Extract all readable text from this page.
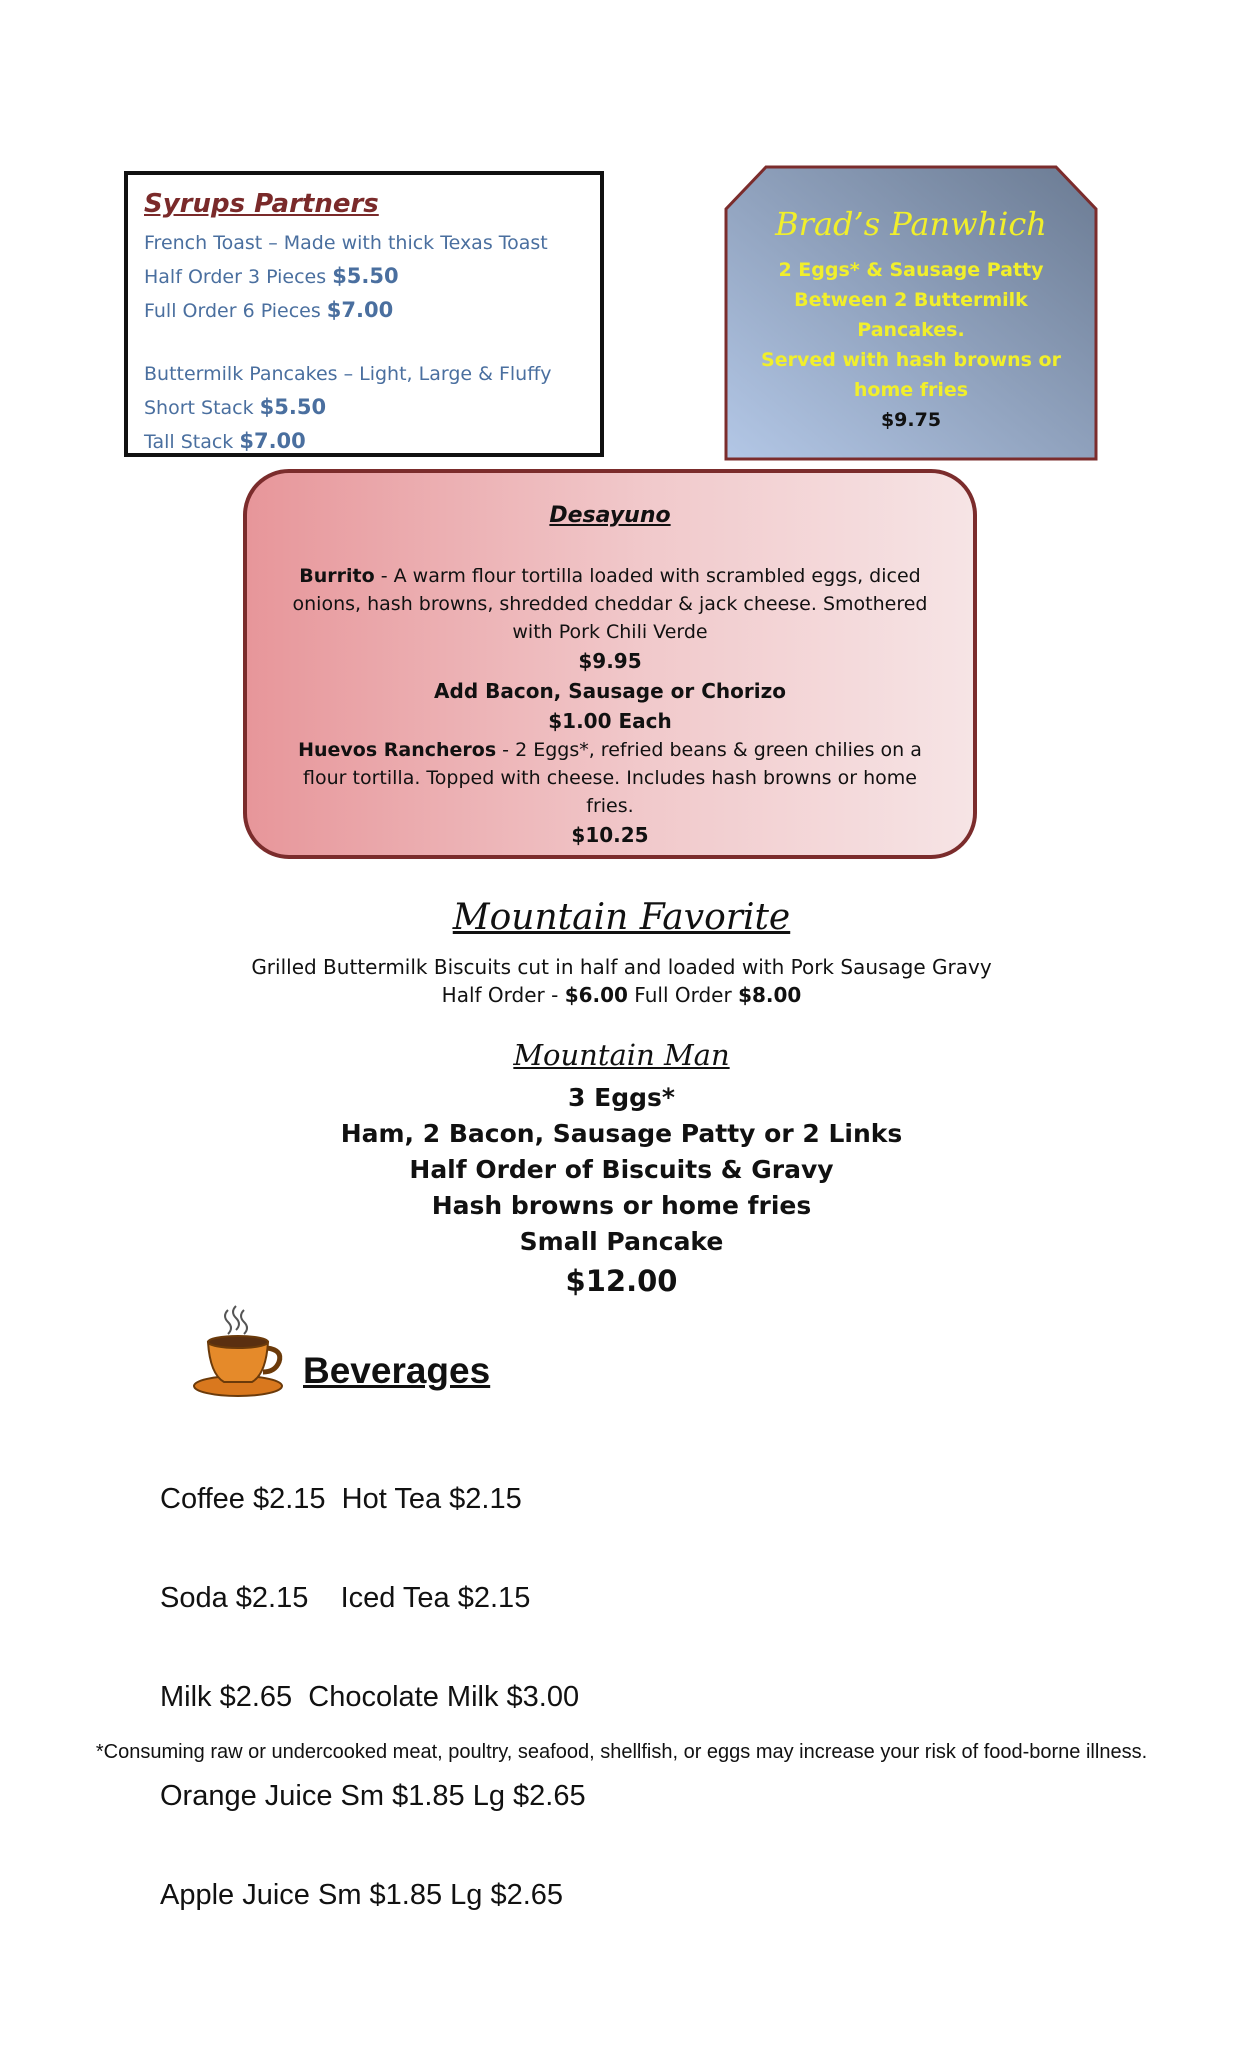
Syrups Partners
French Toast – Made with thick Texas Toast
Half Order 3 Pieces $5.50
Full Order 6 Pieces $7.00
Buttermilk Pancakes – Light, Large & Fluffy
Short Stack $5.50
Tall Stack $7.00
Brad’s Panwhich
2 Eggs* & Sausage Patty
Between 2 Buttermilk
Pancakes.
Served with hash browns or
home fries
$9.75
Desayuno
Burrito - A warm flour tortilla loaded with scrambled eggs, diced onions, hash browns, shredded cheddar & jack cheese. Smothered with Pork Chili Verde
$9.95
Add Bacon, Sausage or Chorizo
$1.00 Each
Huevos Rancheros - 2 Eggs*, refried beans & green chilies on a flour tortilla. Topped with cheese. Includes hash browns or home fries.
$10.25
Mountain Favorite
Grilled Buttermilk Biscuits cut in half and loaded with Pork Sausage Gravy
Half Order - $6.00 Full Order $8.00
Mountain Man
3 Eggs*
Ham, 2 Bacon, Sausage Patty or 2 Links
Half Order of Biscuits & Gravy
Hash browns or home fries
Small Pancake
$12.00
Beverages

Coffee $2.15  Hot Tea $2.15

Soda $2.15    Iced Tea $2.15

Milk $2.65  Chocolate Milk $3.00

Orange Juice Sm $1.85 Lg $2.65

Apple Juice Sm $1.85 Lg $2.65

*Consuming raw or undercooked meat, poultry, seafood, shellfish, or eggs may increase your risk of food-borne illness.
